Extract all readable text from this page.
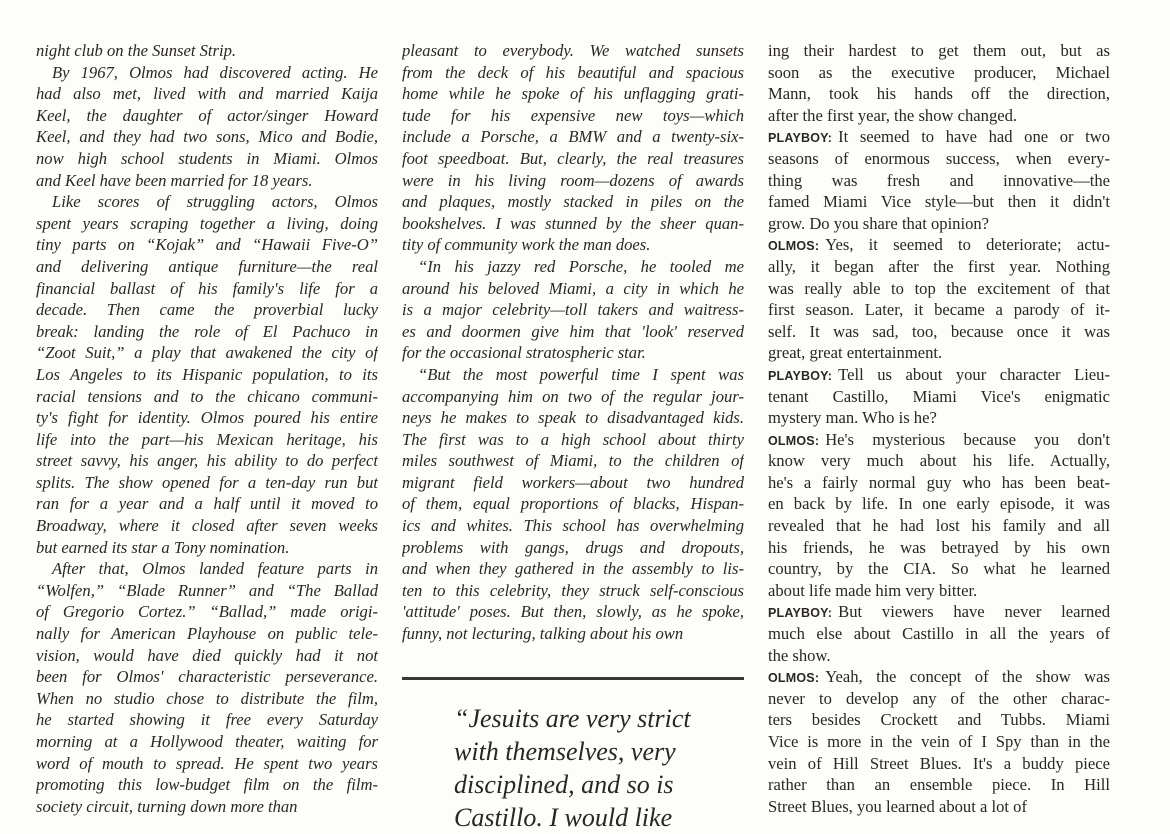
night club on the Sunset Strip.
By 1967, Olmos had discovered acting. He
had also met, lived with and married Kaija
Keel, the daughter of actor/singer Howard
Keel, and they had two sons, Mico and Bodie,
now high school students in Miami. Olmos
and Keel have been married for 18 years.
Like scores of struggling actors, Olmos
spent years scraping together a living, doing
tiny parts on “Kojak” and “Hawaii Five-O”
and delivering antique furniture—the real
financial ballast of his family's life for a
decade. Then came the proverbial lucky
break: landing the role of El Pachuco in
“Zoot Suit,” a play that awakened the city of
Los Angeles to its Hispanic population, to its
racial tensions and to the chicano communi-
ty's fight for identity. Olmos poured his entire
life into the part—his Mexican heritage, his
street savvy, his anger, his ability to do perfect
splits. The show opened for a ten-day run but
ran for a year and a half until it moved to
Broadway, where it closed after seven weeks
but earned its star a Tony nomination.
After that, Olmos landed feature parts in
“Wolfen,” “Blade Runner” and “The Ballad
of Gregorio Cortez.” “Ballad,” made origi-
nally for American Playhouse on public tele-
vision, would have died quickly had it not
been for Olmos' characteristic perseverance.
When no studio chose to distribute the film,
he started showing it free every Saturday
morning at a Hollywood theater, waiting for
word of mouth to spread. He spent two years
promoting this low-budget film on the film-
society circuit, turning down more than
pleasant to everybody. We watched sunsets
from the deck of his beautiful and spacious
home while he spoke of his unflagging grati-
tude for his expensive new toys—which
include a Porsche, a BMW and a twenty-six-
foot speedboat. But, clearly, the real treasures
were in his living room—dozens of awards
and plaques, mostly stacked in piles on the
bookshelves. I was stunned by the sheer quan-
tity of community work the man does.
“In his jazzy red Porsche, he tooled me
around his beloved Miami, a city in which he
is a major celebrity—toll takers and waitress-
es and doormen give him that 'look' reserved
for the occasional stratospheric star.
“But the most powerful time I spent was
accompanying him on two of the regular jour-
neys he makes to speak to disadvantaged kids.
The first was to a high school about thirty
miles southwest of Miami, to the children of
migrant field workers—about two hundred
of them, equal proportions of blacks, Hispan-
ics and whites. This school has overwhelming
problems with gangs, drugs and dropouts,
and when they gathered in the assembly to lis-
ten to this celebrity, they struck self-conscious
'attitude' poses. But then, slowly, as he spoke,
funny, not lecturing, talking about his own
ing their hardest to get them out, but as
soon as the executive producer, Michael
Mann, took his hands off the direction,
after the first year, the show changed.
PLAYBOY: It seemed to have had one or two
seasons of enormous success, when every-
thing was fresh and innovative—the
famed Miami Vice style—but then it didn't
grow. Do you share that opinion?
OLMOS: Yes, it seemed to deteriorate; actu-
ally, it began after the first year. Nothing
was really able to top the excitement of that
first season. Later, it became a parody of it-
self. It was sad, too, because once it was
great, great entertainment.
PLAYBOY: Tell us about your character Lieu-
tenant Castillo, Miami Vice's enigmatic
mystery man. Who is he?
OLMOS: He's mysterious because you don't
know very much about his life. Actually,
he's a fairly normal guy who has been beat-
en back by life. In one early episode, it was
revealed that he had lost his family and all
his friends, he was betrayed by his own
country, by the CIA. So what he learned
about life made him very bitter.
PLAYBOY: But viewers have never learned
much else about Castillo in all the years of
the show.
OLMOS: Yeah, the concept of the show was
never to develop any of the other charac-
ters besides Crockett and Tubbs. Miami
Vice is more in the vein of I Spy than in the
vein of Hill Street Blues. It's a buddy piece
rather than an ensemble piece. In Hill
Street Blues, you learned about a lot of
“Jesuits are very strict
with themselves, very
disciplined, and so is
Castillo. I would like
